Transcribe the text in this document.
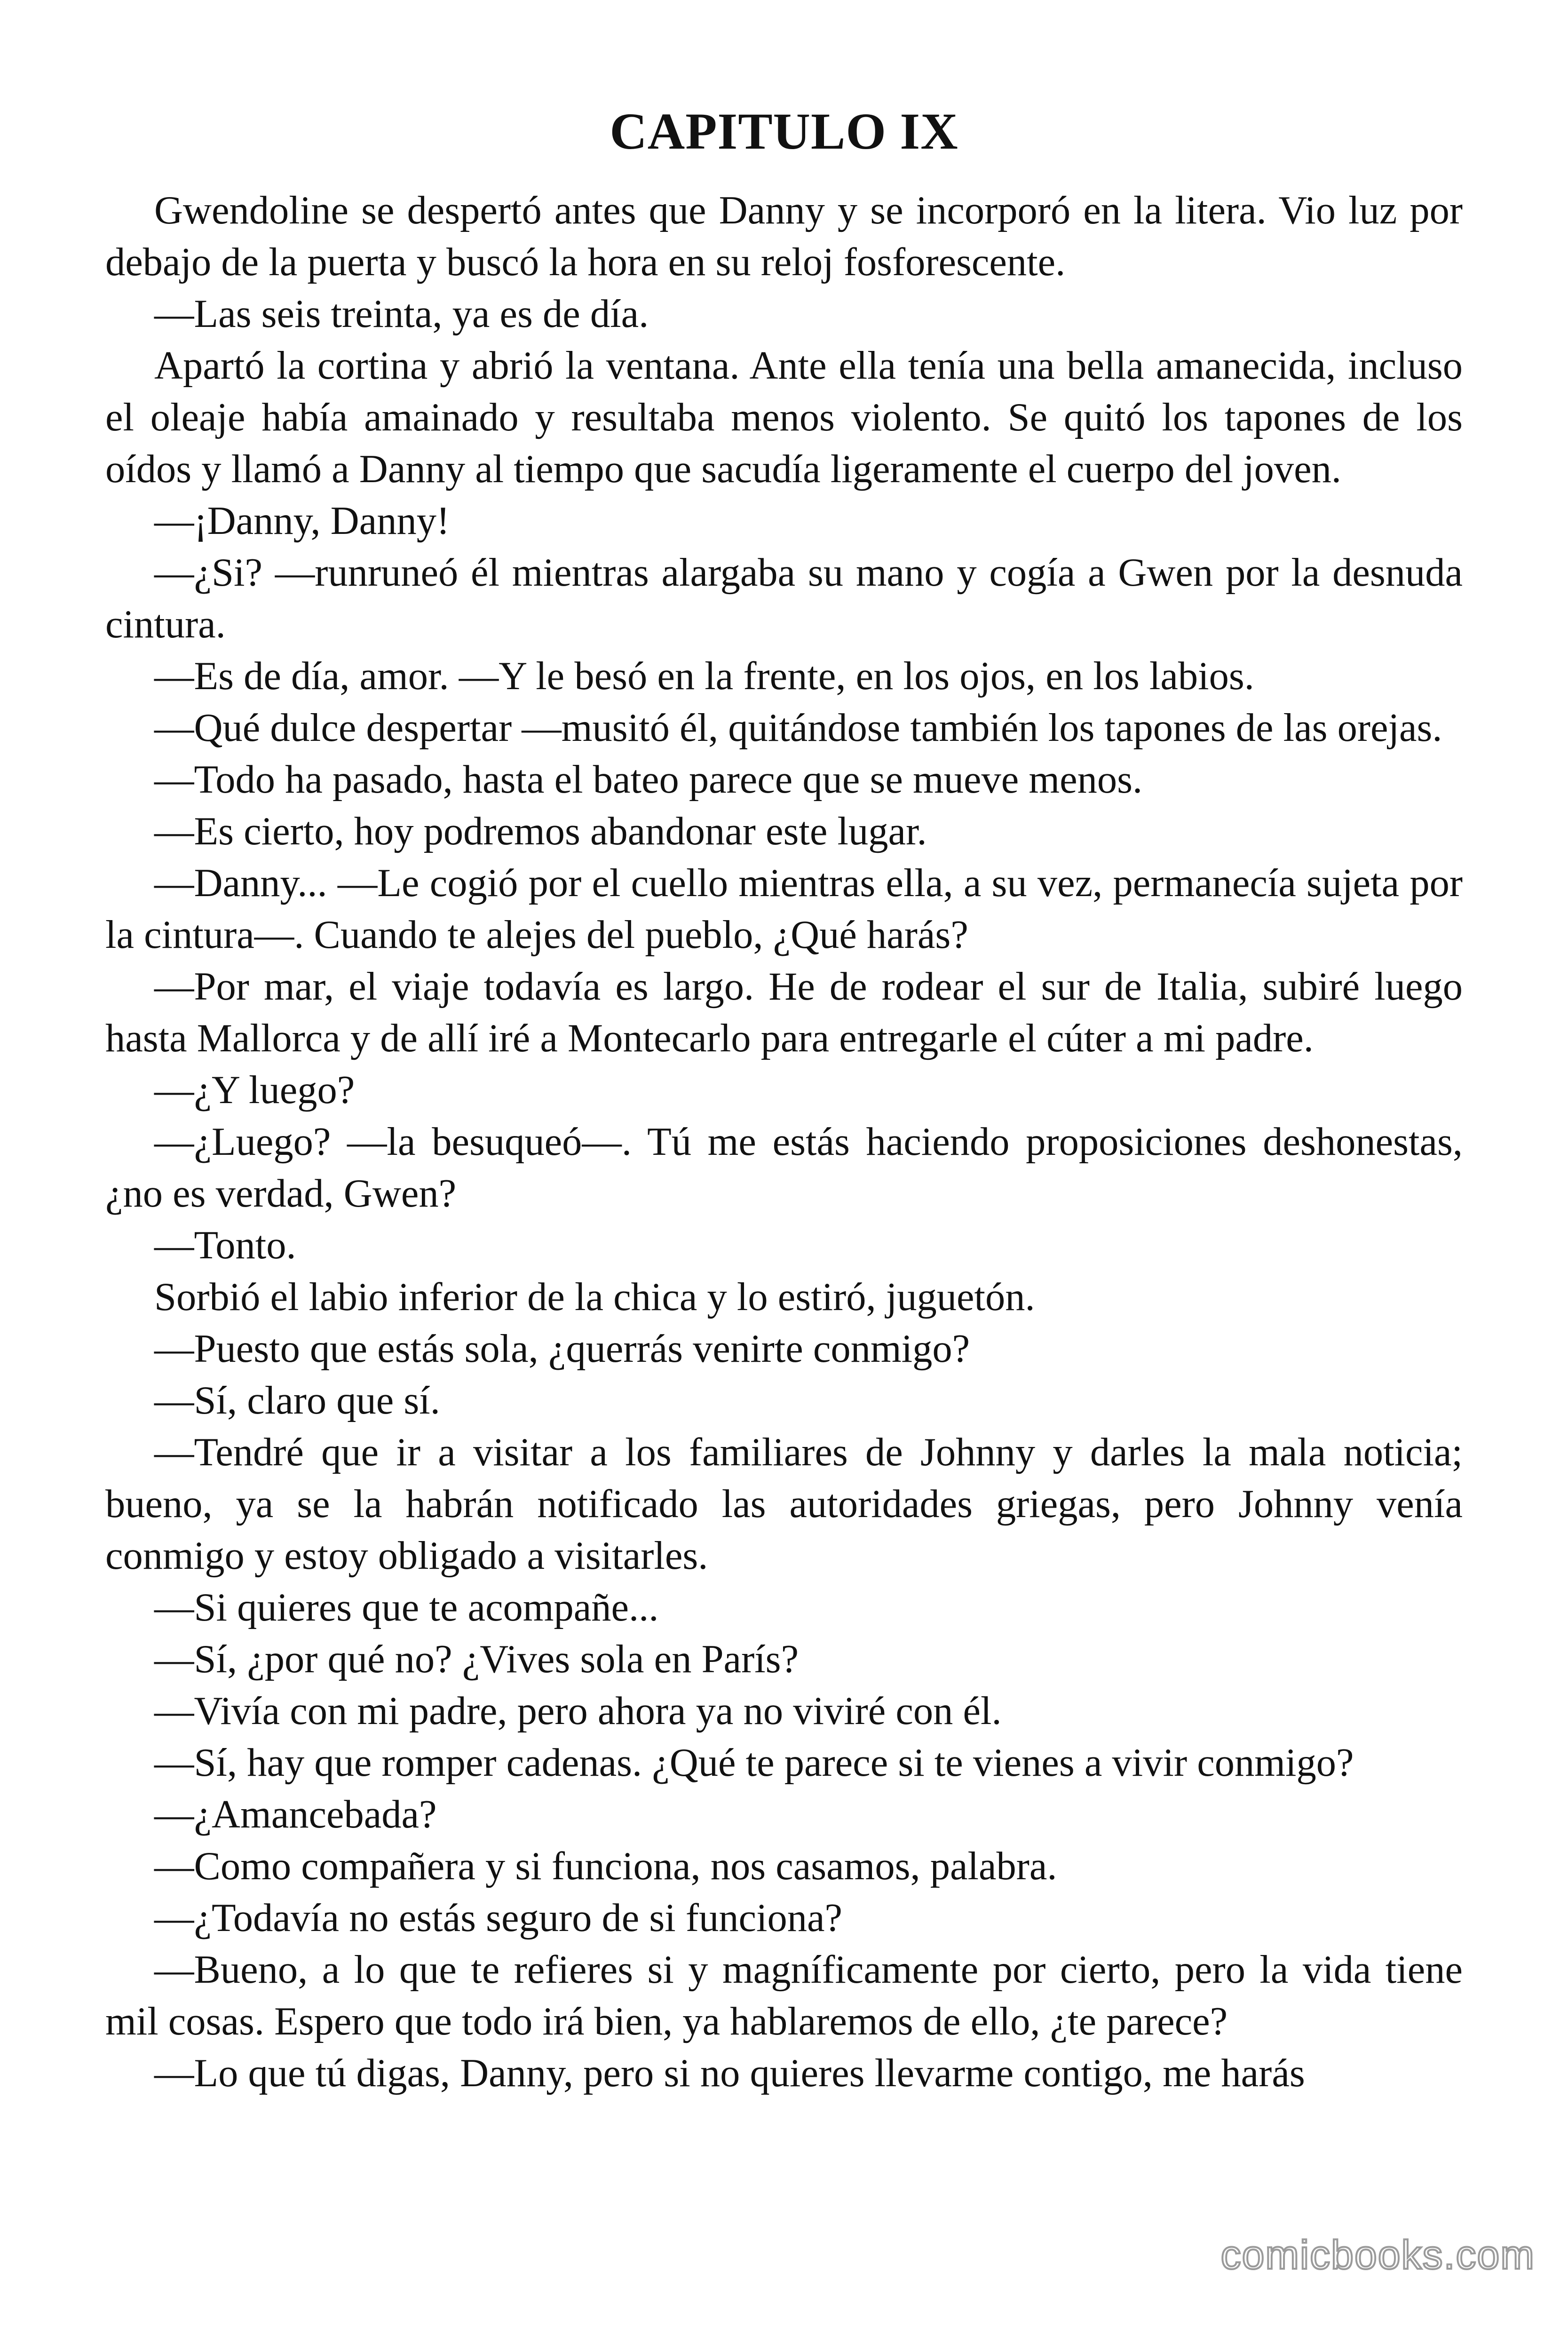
CAPITULO IX

Gwendoline se despertó antes que Danny y se incorporó en la litera. Vio luz por debajo de la puerta y buscó la hora en su reloj fosforescente.

—Las seis treinta, ya es de día.

Apartó la cortina y abrió la ventana. Ante ella tenía una bella amanecida, incluso el oleaje había amainado y resultaba menos violento. Se quitó los tapones de los oídos y llamó a Danny al tiempo que sacudía ligeramente el cuerpo del joven.

—¡Danny, Danny!

—¿Si? —runruneó él mientras alargaba su mano y cogía a Gwen por la desnuda cintura.

—Es de día, amor. —Y le besó en la frente, en los ojos, en los labios.

—Qué dulce despertar —musitó él, quitándose también los tapones de las orejas.

—Todo ha pasado, hasta el bateo parece que se mueve menos.

—Es cierto, hoy podremos abandonar este lugar.

—Danny... —Le cogió por el cuello mientras ella, a su vez, permanecía sujeta por la cintura—. Cuando te alejes del pueblo, ¿Qué harás?

—Por mar, el viaje todavía es largo. He de rodear el sur de Italia, subiré luego hasta Mallorca y de allí iré a Montecarlo para entregarle el cúter a mi padre.

—¿Y luego?

—¿Luego? —la besuqueó—. Tú me estás haciendo proposiciones deshonestas, ¿no es verdad, Gwen?

—Tonto.

Sorbió el labio inferior de la chica y lo estiró, juguetón.

—Puesto que estás sola, ¿querrás venirte conmigo?

—Sí, claro que sí.

—Tendré que ir a visitar a los familiares de Johnny y darles la mala noticia; bueno, ya se la habrán notificado las autoridades griegas, pero Johnny venía conmigo y estoy obligado a visitarles.

—Si quieres que te acompañe...

—Sí, ¿por qué no? ¿Vives sola en París?

—Vivía con mi padre, pero ahora ya no viviré con él.

—Sí, hay que romper cadenas. ¿Qué te parece si te vienes a vivir conmigo?

—¿Amancebada?

—Como compañera y si funciona, nos casamos, palabra.

—¿Todavía no estás seguro de si funciona?

—Bueno, a lo que te refieres si y magníficamente por cierto, pero la vida tiene mil cosas. Espero que todo irá bien, ya hablaremos de ello, ¿te parece?

—Lo que tú digas, Danny, pero si no quieres llevarme contigo, me harás

comicbooks.com
